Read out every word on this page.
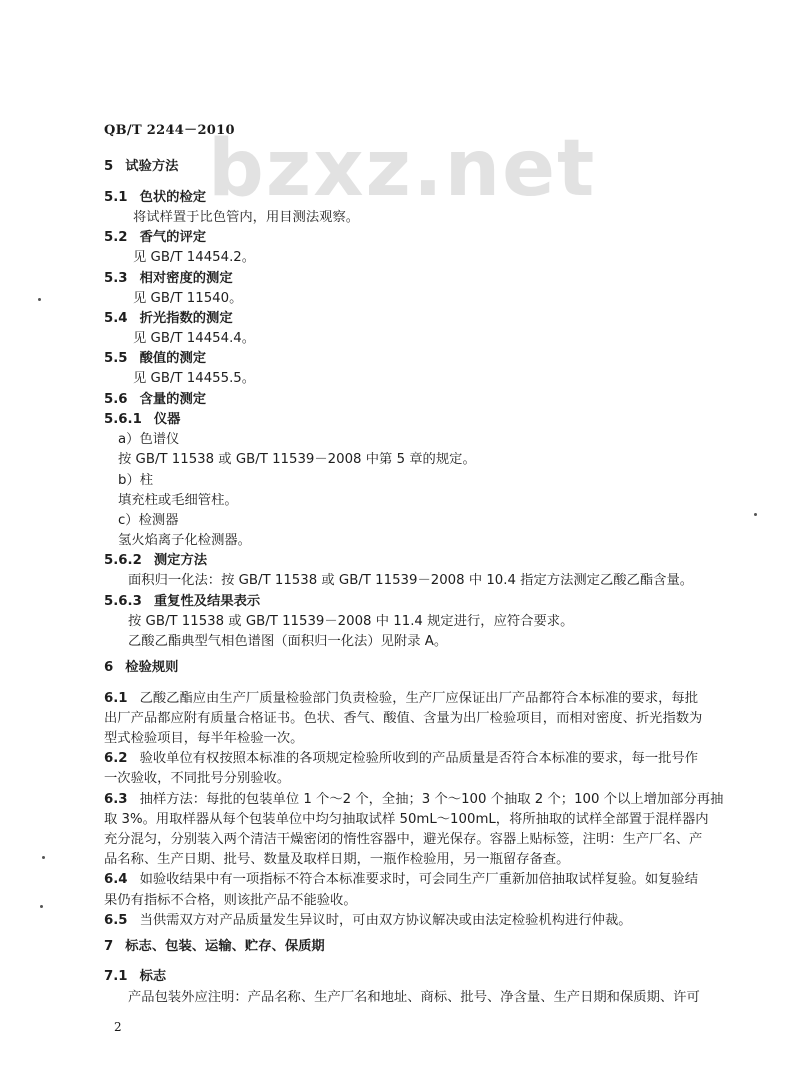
bzxz.net
QB/T 2244－2010
5 试验方法
5.1 色状的检定
将试样置于比色管内，用目测法观察。
5.2 香气的评定
见 GB/T 14454.2。
5.3 相对密度的测定
见 GB/T 11540。
5.4 折光指数的测定
见 GB/T 14454.4。
5.5 酸值的测定
见 GB/T 14455.5。
5.6 含量的测定
5.6.1 仪器
a）色谱仪
按 GB/T 11538 或 GB/T 11539－2008 中第 5 章的规定。
b）柱
填充柱或毛细管柱。
c）检测器
氢火焰离子化检测器。
5.6.2 测定方法
面积归一化法：按 GB/T 11538 或 GB/T 11539－2008 中 10.4 指定方法测定乙酸乙酯含量。
5.6.3 重复性及结果表示
按 GB/T 11538 或 GB/T 11539－2008 中 11.4 规定进行，应符合要求。
乙酸乙酯典型气相色谱图（面积归一化法）见附录 A。
6 检验规则
6.1 乙酸乙酯应由生产厂质量检验部门负责检验，生产厂应保证出厂产品都符合本标准的要求，每批
出厂产品都应附有质量合格证书。色状、香气、酸值、含量为出厂检验项目，而相对密度、折光指数为
型式检验项目，每半年检验一次。
6.2 验收单位有权按照本标准的各项规定检验所收到的产品质量是否符合本标准的要求，每一批号作
一次验收，不同批号分别验收。
6.3 抽样方法：每批的包装单位 1 个～2 个，全抽；3 个～100 个抽取 2 个；100 个以上增加部分再抽
取 3%。用取样器从每个包装单位中均匀抽取试样 50mL～100mL，将所抽取的试样全部置于混样器内
充分混匀，分别装入两个清洁干燥密闭的惰性容器中，避光保存。容器上贴标签，注明：生产厂名、产
品名称、生产日期、批号、数量及取样日期，一瓶作检验用，另一瓶留存备查。
6.4 如验收结果中有一项指标不符合本标准要求时，可会同生产厂重新加倍抽取试样复验。如复验结
果仍有指标不合格，则该批产品不能验收。
6.5 当供需双方对产品质量发生异议时，可由双方协议解决或由法定检验机构进行仲裁。
7 标志、包装、运输、贮存、保质期
7.1 标志
产品包装外应注明：产品名称、生产厂名和地址、商标、批号、净含量、生产日期和保质期、许可
2
